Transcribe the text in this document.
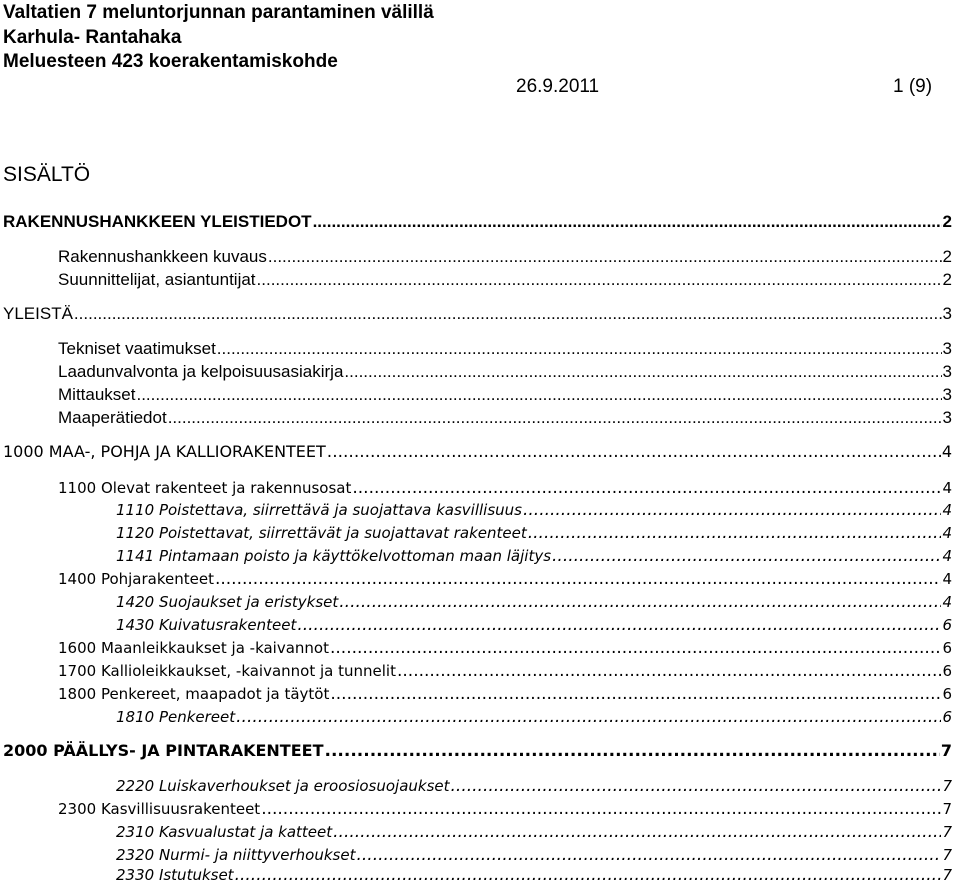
Valtatien 7 meluntorjunnan parantaminen välillä
Karhula- Rantahaka
Meluesteen 423 koerakentamiskohde
26.9.2011	1 (9)
SISÄLTÖ
RAKENNUSHANKKEEN YLEISTIEDOT .....	2
Rakennushankkeen kuvaus .....	2
Suunnittelijat, asiantuntijat .....	2
YLEISTÄ .....	3
Tekniset vaatimukset .....	3
Laadunvalvonta ja kelpoisuusasiakirja .....	3
Mittaukset .....	3
Maaperätiedot .....	3
1000 MAA-, POHJA JA KALLIORAKENTEET .....	4
1100 Olevat rakenteet ja rakennusosat .....	4
1110 Poistettava, siirrettävä ja suojattava kasvillisuus .....	4
1120 Poistettavat, siirrettävät ja suojattavat rakenteet .....	4
1141 Pintamaan poisto ja käyttökelvottoman maan läjitys .....	4
1400 Pohjarakenteet .....	4
1420 Suojaukset ja eristykset .....	4
1430 Kuivatusrakenteet .....	6
1600 Maanleikkaukset ja -kaivannot .....	6
1700 Kallioleikkaukset, -kaivannot ja tunnelit .....	6
1800 Penkereet, maapadot ja täytöt .....	6
1810 Penkereet .....	6
2000 PÄÄLLYS- JA PINTARAKENTEET .....	7
2220 Luiskaverhoukset ja eroosiosuojaukset .....	7
2300 Kasvillisuusrakenteet .....	7
2310 Kasvualustat ja katteet .....	7
2320 Nurmi- ja niittyverhoukset .....	7
2330 Istutukset .....	7
